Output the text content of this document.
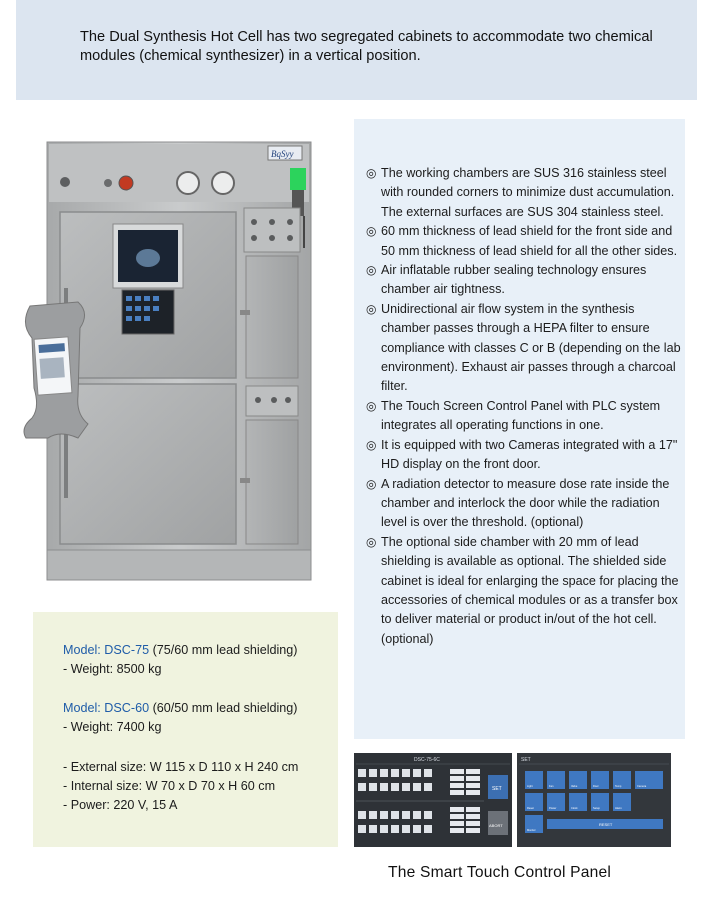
The Dual Synthesis Hot Cell has two segregated cabinets to accommodate two chemical modules (chemical synthesizer) in a vertical position.

BqSyy
◎ The working chambers are SUS 316 stainless steel with rounded corners to minimize dust accumulation. The external surfaces are SUS 304 stainless steel.
◎ 60 mm thickness of lead shield for the front side and 50 mm thickness of lead shield for all the other sides.
◎ Air inflatable rubber sealing technology ensures chamber air tightness.
◎ Unidirectional air flow system in the synthesis chamber passes through a HEPA filter to ensure compliance with classes C or B (depending on the lab environment). Exhaust air passes through a charcoal filter.
◎ The Touch Screen Control Panel with PLC system integrates all operating functions in one.
◎ It is equipped with two Cameras integrated with a 17" HD display on the front door.
◎ A radiation detector to measure dose rate inside the chamber and interlock the door while the radiation level is over the threshold. (optional)
◎ The optional side chamber with 20 mm of lead shielding is available as optional. The shielded side cabinet is ideal for enlarging the space for placing the accessories of chemical modules or as a transfer box to deliver material or product in/out of the hot cell. (optional)
Model: DSC-75 (75/60 mm lead shielding)
- Weight: 8500 kg
Model: DSC-60 (60/50 mm lead shielding)
- Weight: 7400 kg
- External size: W 115 x D 110 x H 240 cm
- Internal size: W 70 x D 70 x H 60 cm
- Power: 220 V, 15 A
DSC-75-6C
SET
ABORT
SET
Light	Fan	Valve	Door	Temp	Camera
Reset	Power	Clock	Setup	Alarm
Monitor
RESET
The Smart Touch Control Panel
